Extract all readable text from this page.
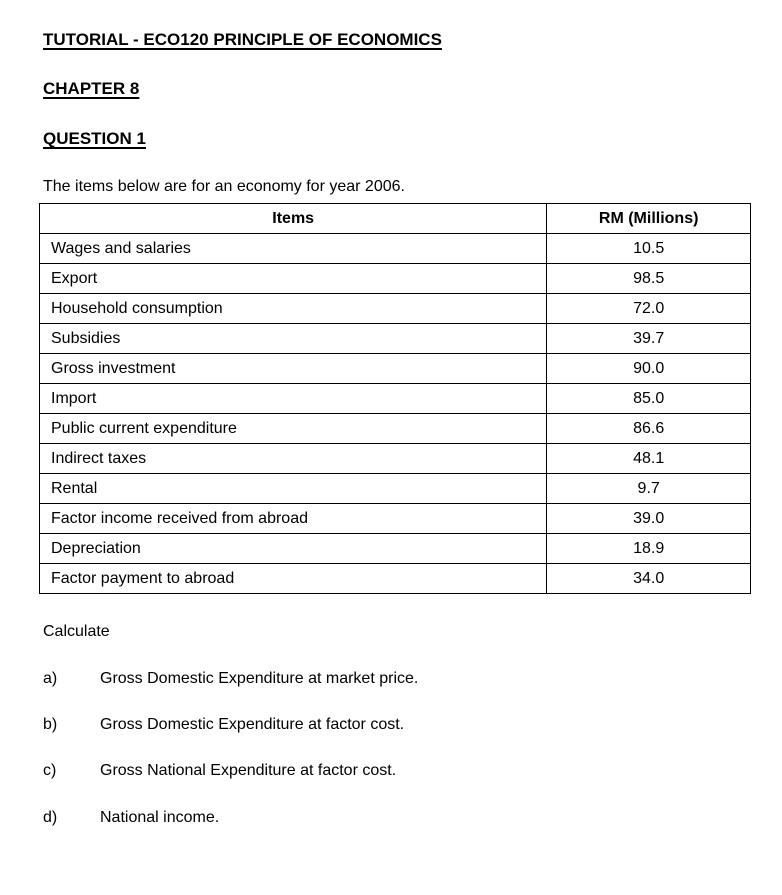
TUTORIAL - ECO120 PRINCIPLE OF ECONOMICS
CHAPTER 8
QUESTION 1
The items below are for an economy for year 2006.
Items	RM (Millions)
Wages and salaries	10.5
Export	98.5
Household consumption	72.0
Subsidies	39.7
Gross investment	90.0
Import	85.0
Public current expenditure	86.6
Indirect taxes	48.1
Rental	9.7
Factor income received from abroad	39.0
Depreciation	18.9
Factor payment to abroad	34.0
Calculate
a)	Gross Domestic Expenditure at market price.
b)	Gross Domestic Expenditure at factor cost.
c)	Gross National Expenditure at factor cost.
d)	National income.
